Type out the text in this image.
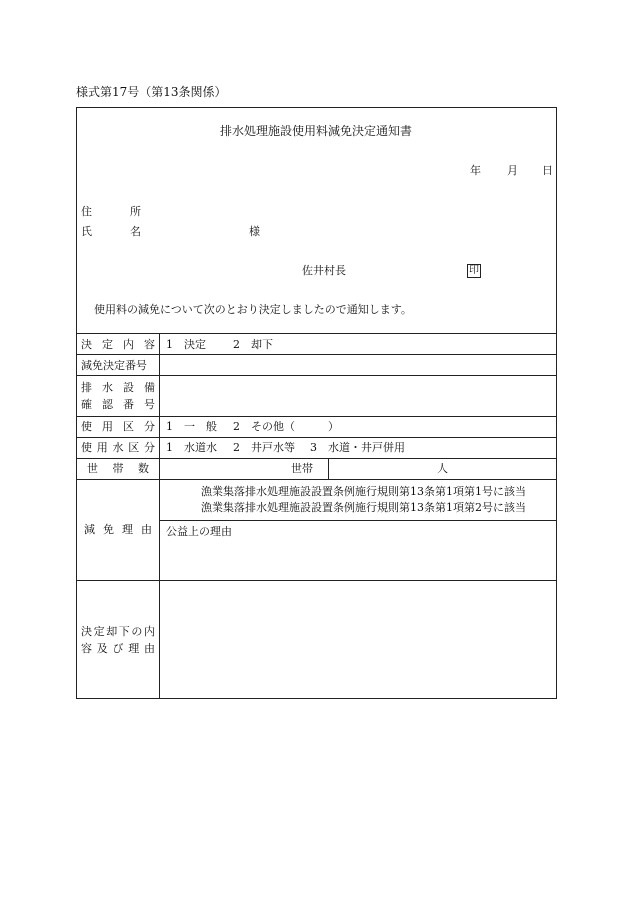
様式第17号（第13条関係）
排水処理施設使用料減免決定通知書
年 月 日
住	所
氏	名	様
佐井村長	印
使用料の減免について次のとおり決定しましたので通知します。
決定内容 1　決定 2　却下
減免決定番号
排水設備
確認番号
使用区分 1　一　般 2　その他（　　　）
使用水区分 1　水道水 2　井戸水等 3　水道・井戸併用
世帯数	世帯	人
減免理由
漁業集落排水処理施設設置条例施行規則第13条第1項第1号に該当
漁業集落排水処理施設設置条例施行規則第13条第1項第2号に該当
公益上の理由
決定却下の内
容及び理由
